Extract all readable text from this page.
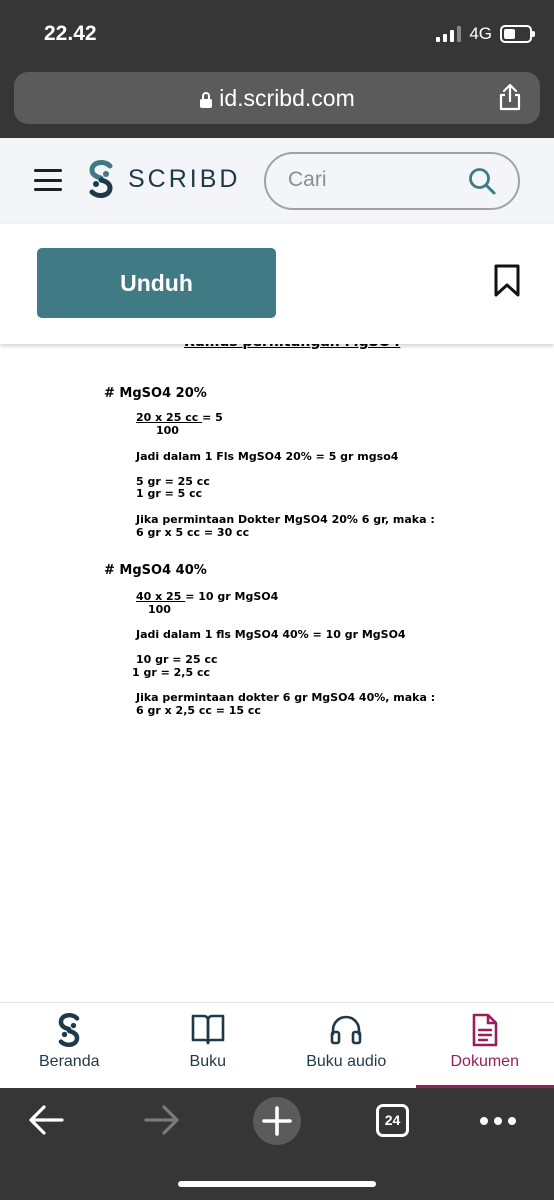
22.42	4G
id.scribd.com
SCRIBD
Cari
Unduh
# MgSO4 20%
20 x 25 cc = 5
100
Jadi dalam 1 Fls MgSO4 20% = 5 gr mgso4
5 gr = 25 cc
1 gr = 5 cc
Jika permintaan Dokter MgSO4 20% 6 gr, maka :
6 gr x 5 cc = 30 cc
# MgSO4 40%
40 x 25 = 10 gr MgSO4
100
Jadi dalam 1 fls MgSO4 40% = 10 gr MgSO4
10 gr = 25 cc
1 gr = 2,5 cc
Jika permintaan dokter 6 gr MgSO4 40%, maka :
6 gr x 2,5 cc = 15 cc
Beranda	Buku	Buku audio	Dokumen
24
